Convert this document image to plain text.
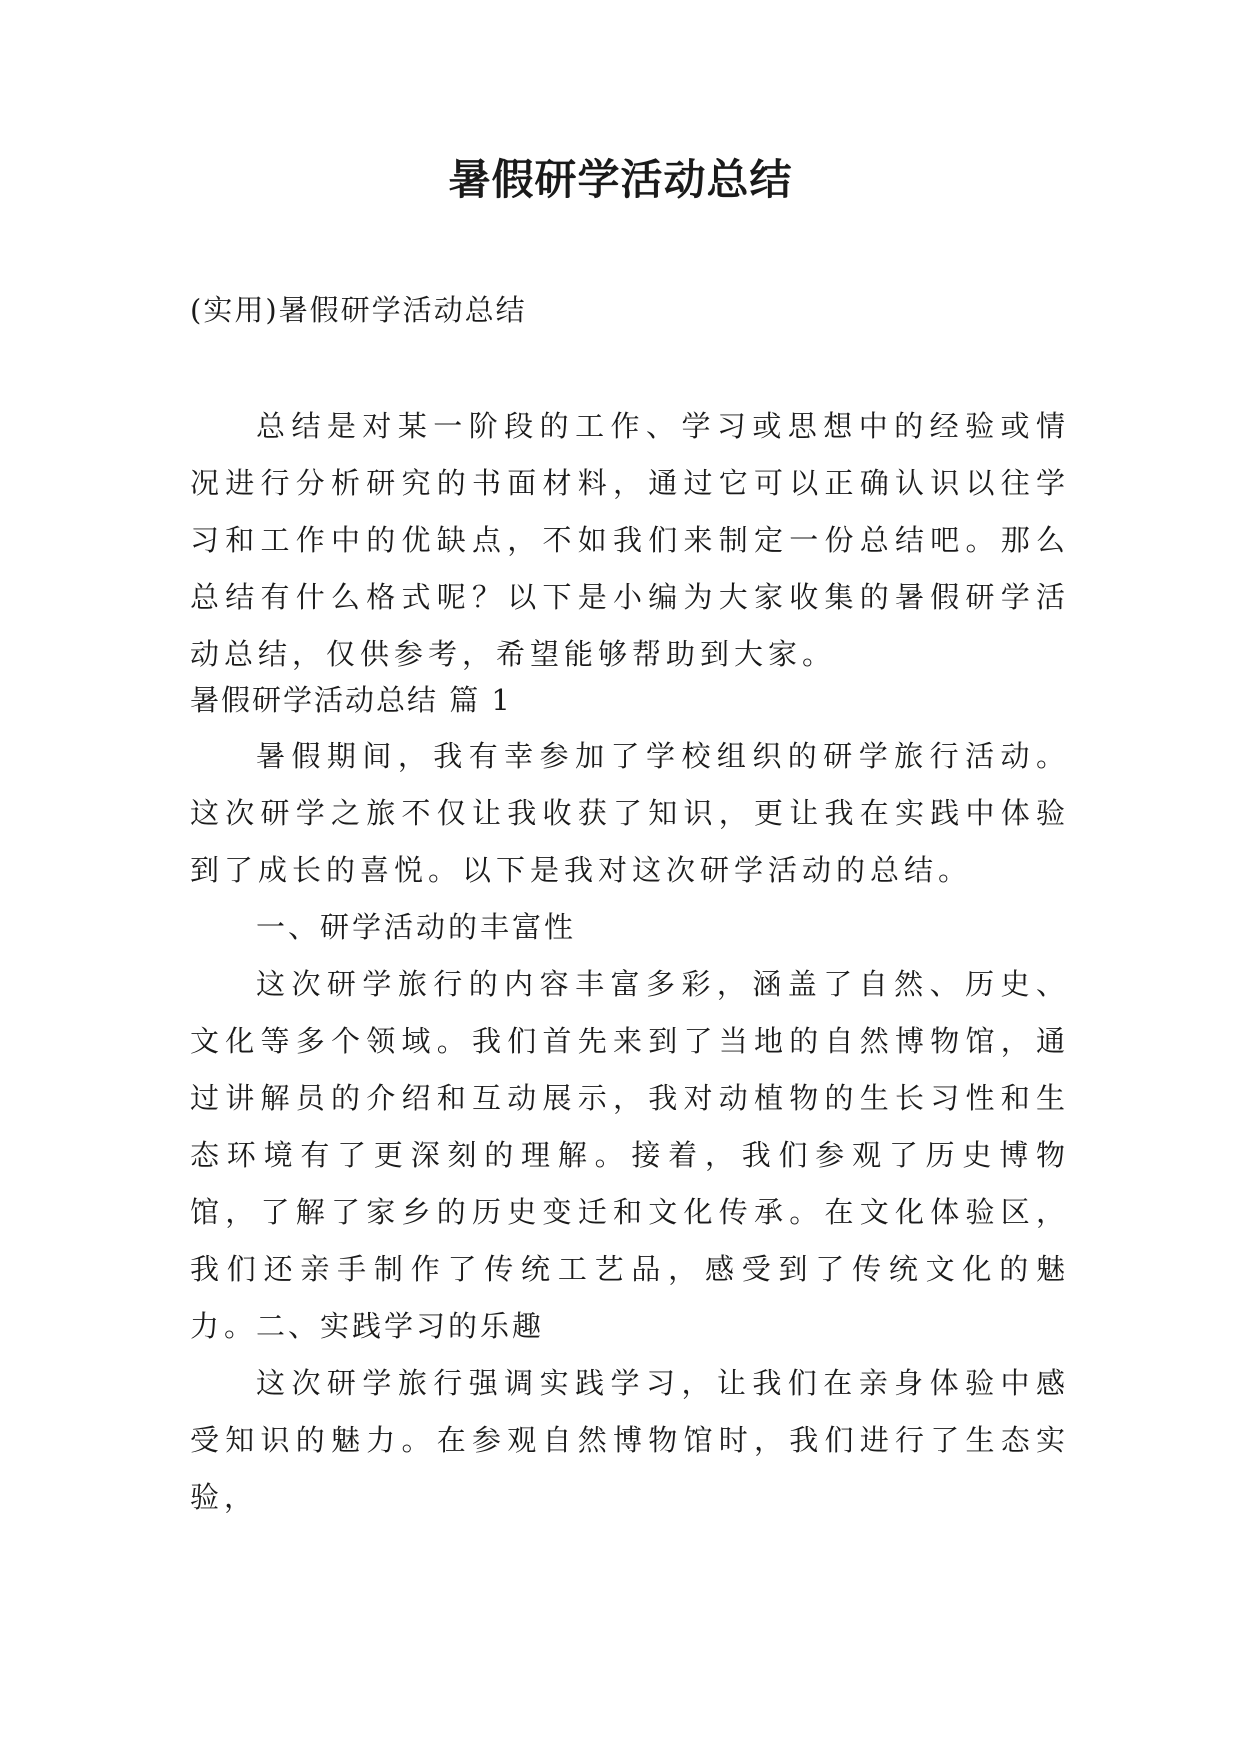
暑假研学活动总结
(实用)暑假研学活动总结

总结是对某一阶段的工作、学习或思想中的经验或情况进行分析研究的书面材料，通过它可以正确认识以往学习和工作中的优缺点，不如我们来制定一份总结吧。那么总结有什么格式呢？以下是小编为大家收集的暑假研学活动总结，仅供参考，希望能够帮助到大家。

暑假研学活动总结 篇 1

暑假期间，我有幸参加了学校组织的研学旅行活动。这次研学之旅不仅让我收获了知识，更让我在实践中体验到了成长的喜悦。以下是我对这次研学活动的总结。

一、研学活动的丰富性

这次研学旅行的内容丰富多彩，涵盖了自然、历史、文化等多个领域。我们首先来到了当地的自然博物馆，通过讲解员的介绍和互动展示，我对动植物的生长习性和生态环境有了更深刻的理解。接着，我们参观了历史博物馆，了解了家乡的历史变迁和文化传承。在文化体验区，我们还亲手制作了传统工艺品，感受到了传统文化的魅力。

二、实践学习的乐趣

这次研学旅行强调实践学习，让我们在亲身体验中感受知识的魅力。在参观自然博物馆时，我们进行了生态实验，
